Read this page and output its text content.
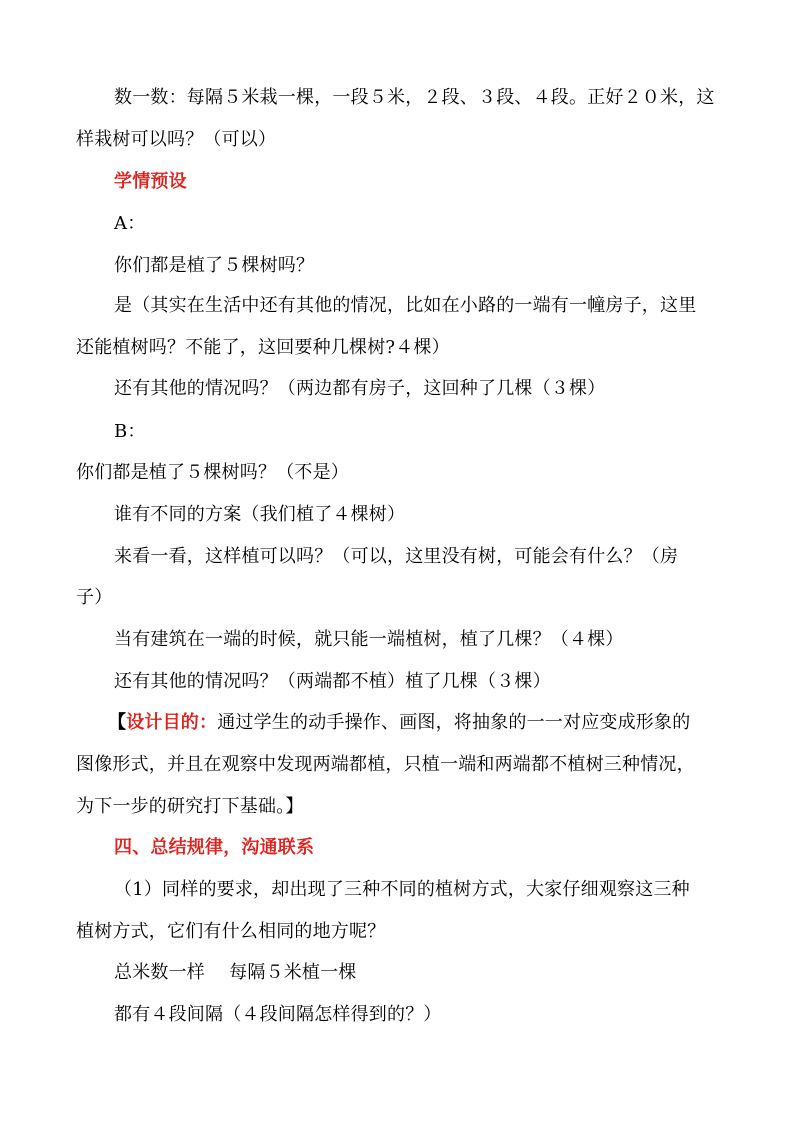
数一数：每隔５米栽一棵，一段５米，２段、３段、４段。正好２０米，这
样栽树可以吗？（可以）
学情预设
A：
你们都是植了５棵树吗？
是（其实在生活中还有其他的情况，比如在小路的一端有一幢房子，这里
还能植树吗？不能了，这回要种几棵树?４棵）
还有其他的情况吗？（两边都有房子，这回种了几棵（３棵）
B：
你们都是植了５棵树吗？（不是）
谁有不同的方案（我们植了４棵树）
来看一看，这样植可以吗？（可以，这里没有树，可能会有什么？（房
子）
当有建筑在一端的时候，就只能一端植树，植了几棵？（４棵）
还有其他的情况吗？（两端都不植）植了几棵（３棵）
【设计目的：通过学生的动手操作、画图，将抽象的一一对应变成形象的
图像形式，并且在观察中发现两端都植，只植一端和两端都不植树三种情况，
为下一步的研究打下基础。】
四、总结规律，沟通联系
（1）同样的要求，却出现了三种不同的植树方式，大家仔细观察这三种
植树方式，它们有什么相同的地方呢？
总米数一样　 每隔５米植一棵
都有４段间隔（４段间隔怎样得到的？）
